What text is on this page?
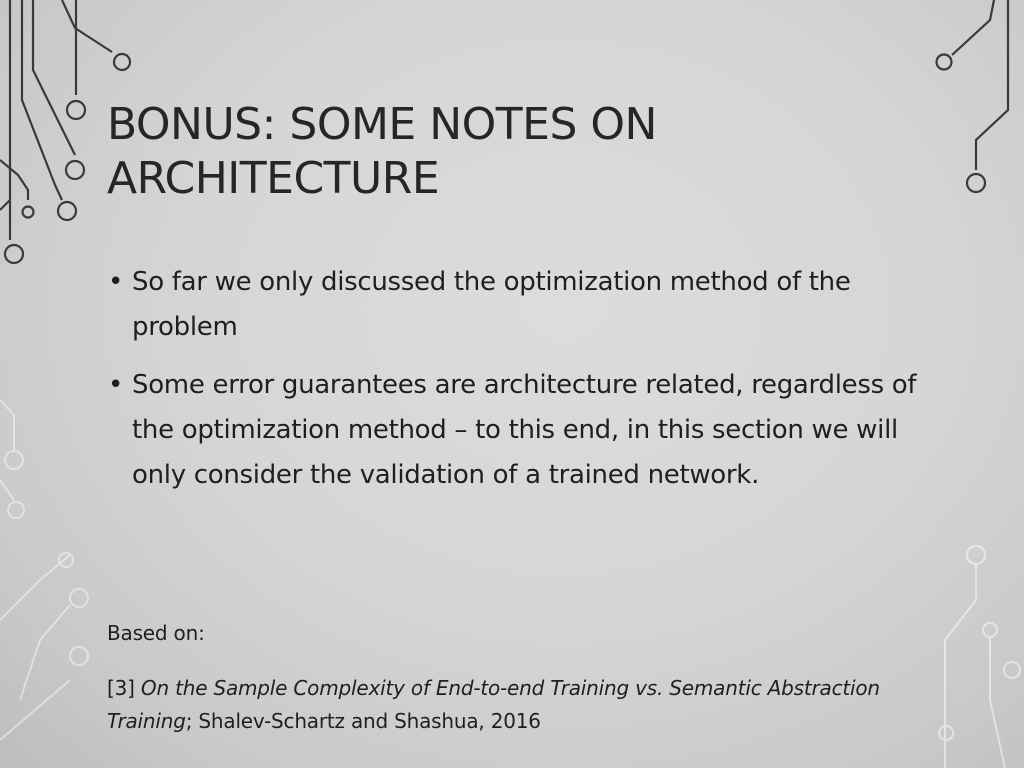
BONUS: SOME NOTES ON ARCHITECTURE
• So far we only discussed the optimization method of the problem
• Some error guarantees are architecture related, regardless of the optimization method – to this end, in this section we will only consider the validation of a trained network.

Based on:

[3] On the Sample Complexity of End-to-end Training vs. Semantic Abstraction Training; Shalev-Schartz and Shashua, 2016
